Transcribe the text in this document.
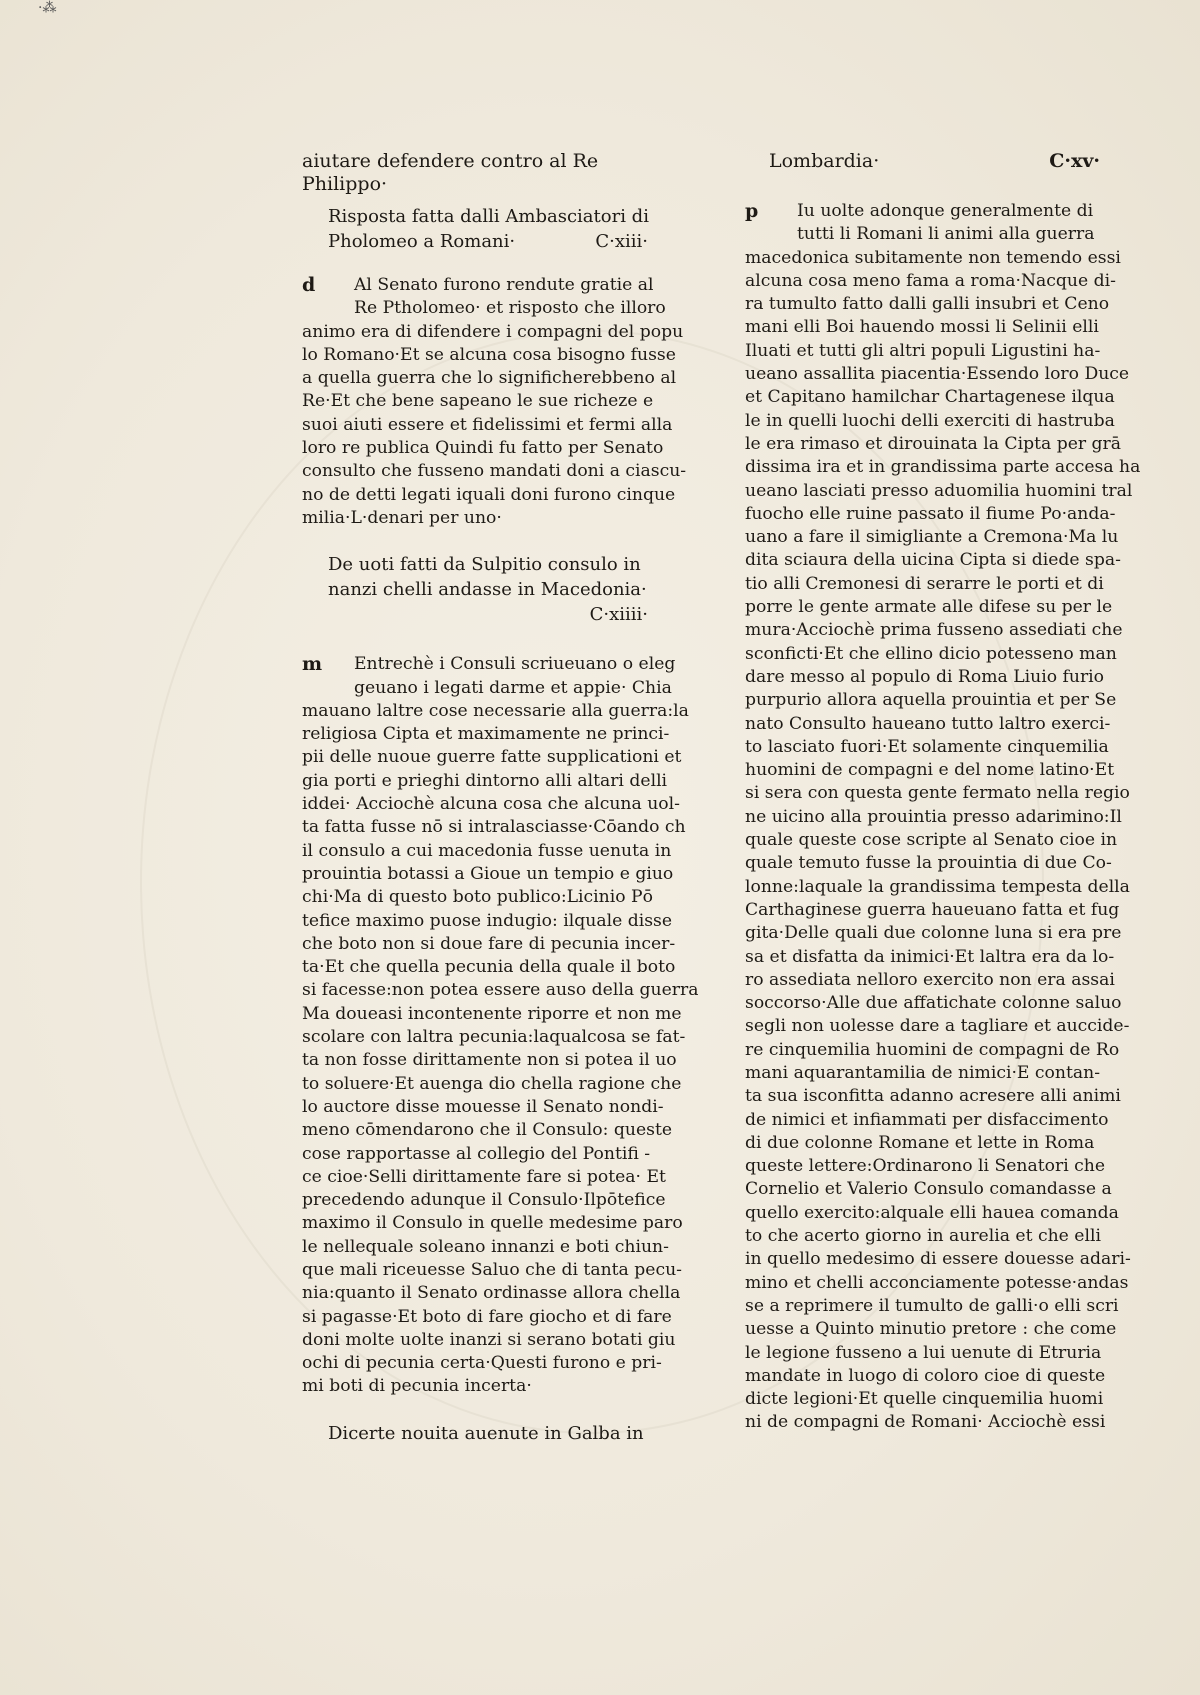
·⁂
aiutare defendere contro al Re Philippo·
Risposta fatta dalli Ambasciatori di
Pholomeo a Romani·	C·xiii·
d	Al Senato furono rendute gratie al
Re Ptholomeo· et risposto che illoro
animo era di difendere i compagni del popu
lo Romano·Et se alcuna cosa bisogno fusse
a quella guerra che lo significherebbeno al
Re·Et che bene sapeano le sue richeze e
suoi aiuti essere et fidelissimi et fermi alla
loro re publica Quindi fu fatto per Senato
consulto che fusseno mandati doni a ciascu-
no de detti legati iquali doni furono cinque
milia·L·denari per uno·
De uoti fatti da Sulpitio consulo in
nanzi chelli andasse in Macedonia·
C·xiiii·
m	Entrechè i Consuli scriueuano o eleg
geuano i legati darme et appie· Chia
mauano laltre cose necessarie alla guerra:la
religiosa Cipta et maximamente ne princi-
pii delle nuoue guerre fatte supplicationi et
gia porti e prieghi dintorno alli altari delli
iddei· Acciochè alcuna cosa che alcuna uol-
ta fatta fusse nō si intralasciasse·Cōando ch
il consulo a cui macedonia fusse uenuta in
prouintia botassi a Gioue un tempio e giuo
chi·Ma di questo boto publico:Licinio Pō
tefice maximo puose indugio: ilquale disse
che boto non si doue fare di pecunia incer-
ta·Et che quella pecunia della quale il boto
si facesse:non potea essere auso della guerra
Ma doueasi incontenente riporre et non me
scolare con laltra pecunia:laqualcosa se fat-
ta non fosse dirittamente non si potea il uo
to soluere·Et auenga dio chella ragione che
lo auctore disse mouesse il Senato nondi-
meno cōmendarono che il Consulo: queste
cose rapportasse al collegio del Pontifi -
ce cioe·Selli dirittamente fare si potea· Et
precedendo adunque il Consulo·Ilpōtefice
maximo il Consulo in quelle medesime paro
le nellequale soleano innanzi e boti chiun-
que mali riceuesse Saluo che di tanta pecu-
nia:quanto il Senato ordinasse allora chella
si pagasse·Et boto di fare giocho et di fare
doni molte uolte inanzi si serano botati giu
ochi di pecunia certa·Questi furono e pri-
mi boti di pecunia incerta·
Dicerte nouita auenute in Galba in
Lombardia·	C·xv·
p	Iu uolte adonque generalmente di
tutti li Romani li animi alla guerra
macedonica subitamente non temendo essi
alcuna cosa meno fama a roma·Nacque di-
ra tumulto fatto dalli galli insubri et Ceno
mani elli Boi hauendo mossi li Selinii elli
Iluati et tutti gli altri populi Ligustini ha-
ueano assallita piacentia·Essendo loro Duce
et Capitano hamilchar Chartagenese ilqua
le in quelli luochi delli exerciti di hastruba
le era rimaso et dirouinata la Cipta per grā
dissima ira et in grandissima parte accesa ha
ueano lasciati presso aduomilia huomini tral
fuocho elle ruine passato il fiume Po·anda-
uano a fare il simigliante a Cremona·Ma lu
dita sciaura della uicina Cipta si diede spa-
tio alli Cremonesi di serarre le porti et di
porre le gente armate alle difese su per le
mura·Acciochè prima fusseno assediati che
sconficti·Et che ellino dicio potesseno man
dare messo al populo di Roma Liuio furio
purpurio allora aquella prouintia et per Se
nato Consulto haueano tutto laltro exerci-
to lasciato fuori·Et solamente cinquemilia
huomini de compagni e del nome latino·Et
si sera con questa gente fermato nella regio
ne uicino alla prouintia presso adarimino:Il
quale queste cose scripte al Senato cioe in
quale temuto fusse la prouintia di due Co-
lonne:laquale la grandissima tempesta della
Carthaginese guerra haueuano fatta et fug
gita·Delle quali due colonne luna si era pre
sa et disfatta da inimici·Et laltra era da lo-
ro assediata nelloro exercito non era assai
soccorso·Alle due affatichate colonne saluo
segli non uolesse dare a tagliare et auccide-
re cinquemilia huomini de compagni de Ro
mani aquarantamilia de nimici·E contan-
ta sua isconfitta adanno acresere alli animi
de nimici et infiammati per disfaccimento
di due colonne Romane et lette in Roma
queste lettere:Ordinarono li Senatori che
Cornelio et Valerio Consulo comandasse a
quello exercito:alquale elli hauea comanda
to che acerto giorno in aurelia et che elli
in quello medesimo di essere douesse adari-
mino et chelli acconciamente potesse·andas
se a reprimere il tumulto de galli·o elli scri
uesse a Quinto minutio pretore : che come
le legione fusseno a lui uenute di Etruria
mandate in luogo di coloro cioe di queste
dicte legioni·Et quelle cinquemilia huomi
ni de compagni de Romani· Acciochè essi
